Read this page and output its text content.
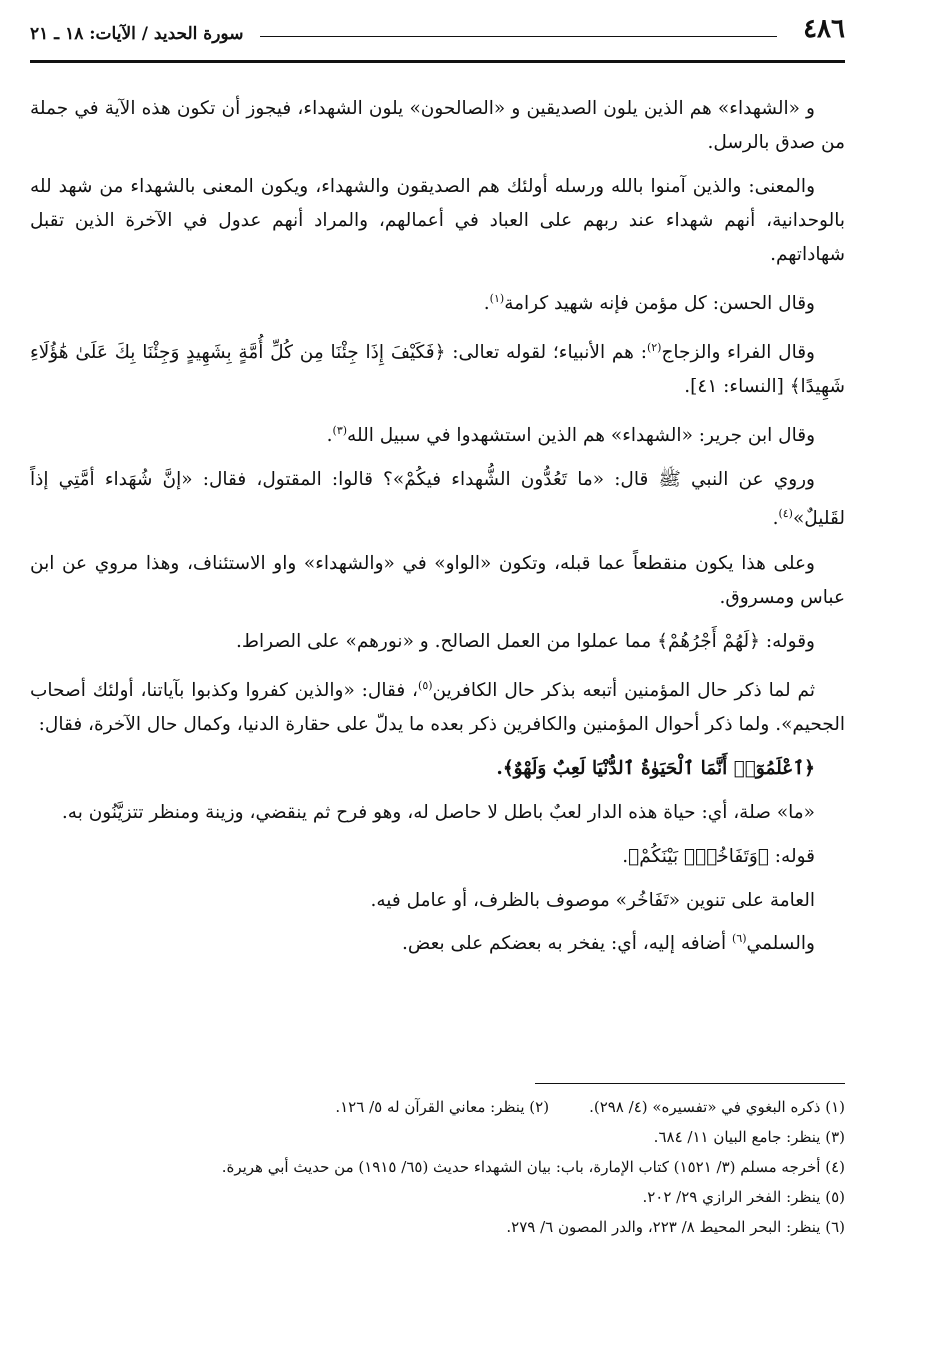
٤٨٦
سورة الحديد / الآيات: ١٨ ـ ٢١

و «الشهداء» هم الذين يلون الصديقين و «الصالحون» يلون الشهداء، فيجوز أن تكون هذه الآية في جملة من صدق بالرسل.

والمعنى: والذين آمنوا بالله ورسله أولئك هم الصديقون والشهداء، ويكون المعنى بالشهداء من شهد لله بالوحدانية، أنهم شهداء عند ربهم على العباد في أعمالهم، والمراد أنهم عدول في الآخرة الذين تقبل شهاداتهم.

وقال الحسن: كل مؤمن فإنه شهيد كرامة$^{(١)}$.

وقال الفراء والزجاج$^{(٢)}$: هم الأنبياء؛ لقوله تعالى: ﴿فَكَيْفَ إِذَا جِئْنَا مِن كُلِّ أُمَّةٍ بِشَهِيدٍ وَجِئْنَا بِكَ عَلَىٰ هَٰؤُلَاءِ شَهِيدًا﴾ [النساء: ٤١].

وقال ابن جرير: «الشهداء» هم الذين استشهدوا في سبيل الله$^{(٣)}$.

وروي عن النبي ﷺ قال: «ما تَعُدُّون الشُّهداء فيكُمْ»؟ قالوا: المقتول، فقال: «إنَّ شُهَداء أمَّتِي إذاً لقَليلٌ»$^{(٤)}$.

وعلى هذا يكون منقطعاً عما قبله، وتكون «الواو» في «والشهداء» واو الاستئناف، وهذا مروي عن ابن عباس ومسروق.

وقوله: ﴿لَهُمْ أَجْرُهُمْ﴾ مما عملوا من العمل الصالح. و «نورهم» على الصراط.

ثم لما ذكر حال المؤمنين أتبعه بذكر حال الكافرين$^{(٥)}$، فقال: «والذين كفروا وكذبوا بآياتنا، أولئك أصحاب الجحيم». ولما ذكر أحوال المؤمنين والكافرين ذكر بعده ما يدلّ على حقارة الدنيا، وكمال حال الآخرة، فقال:

﴿ٱعْلَمُوٓا۟ أَنَّمَا ٱلْحَيَوٰةُ ٱلدُّنْيَا لَعِبٌ وَلَهْوٌ﴾.

«ما» صلة، أي: حياة هذه الدار لعبٌ باطل لا حاصل له، وهو فرح ثم ينقضي، وزينة ومنظر تتزيَّنُون به.

قوله: ﴿وَتَفَاخُرٌۢ بَيْنَكُمْ﴾.

العامة على تنوين «تَفَاخُر» موصوف بالظرف، أو عامل فيه.

والسلمي$^{(٦)}$ أضافه إليه، أي: يفخر به بعضكم على بعض.

(١) ذكره البغوي في «تفسيره» (٤/ ٢٩٨).
(٢) ينظر: معاني القرآن له ٥/ ١٢٦.

(٣) ينظر: جامع البيان ١١/ ٦٨٤.

(٤) أخرجه مسلم (٣/ ١٥٢١) كتاب الإمارة، باب: بيان الشهداء حديث (٦٥/ ١٩١٥) من حديث أبي هريرة.

(٥) ينظر: الفخر الرازي ٢٩/ ٢٠٢.

(٦) ينظر: البحر المحيط ٨/ ٢٢٣، والدر المصون ٦/ ٢٧٩.
